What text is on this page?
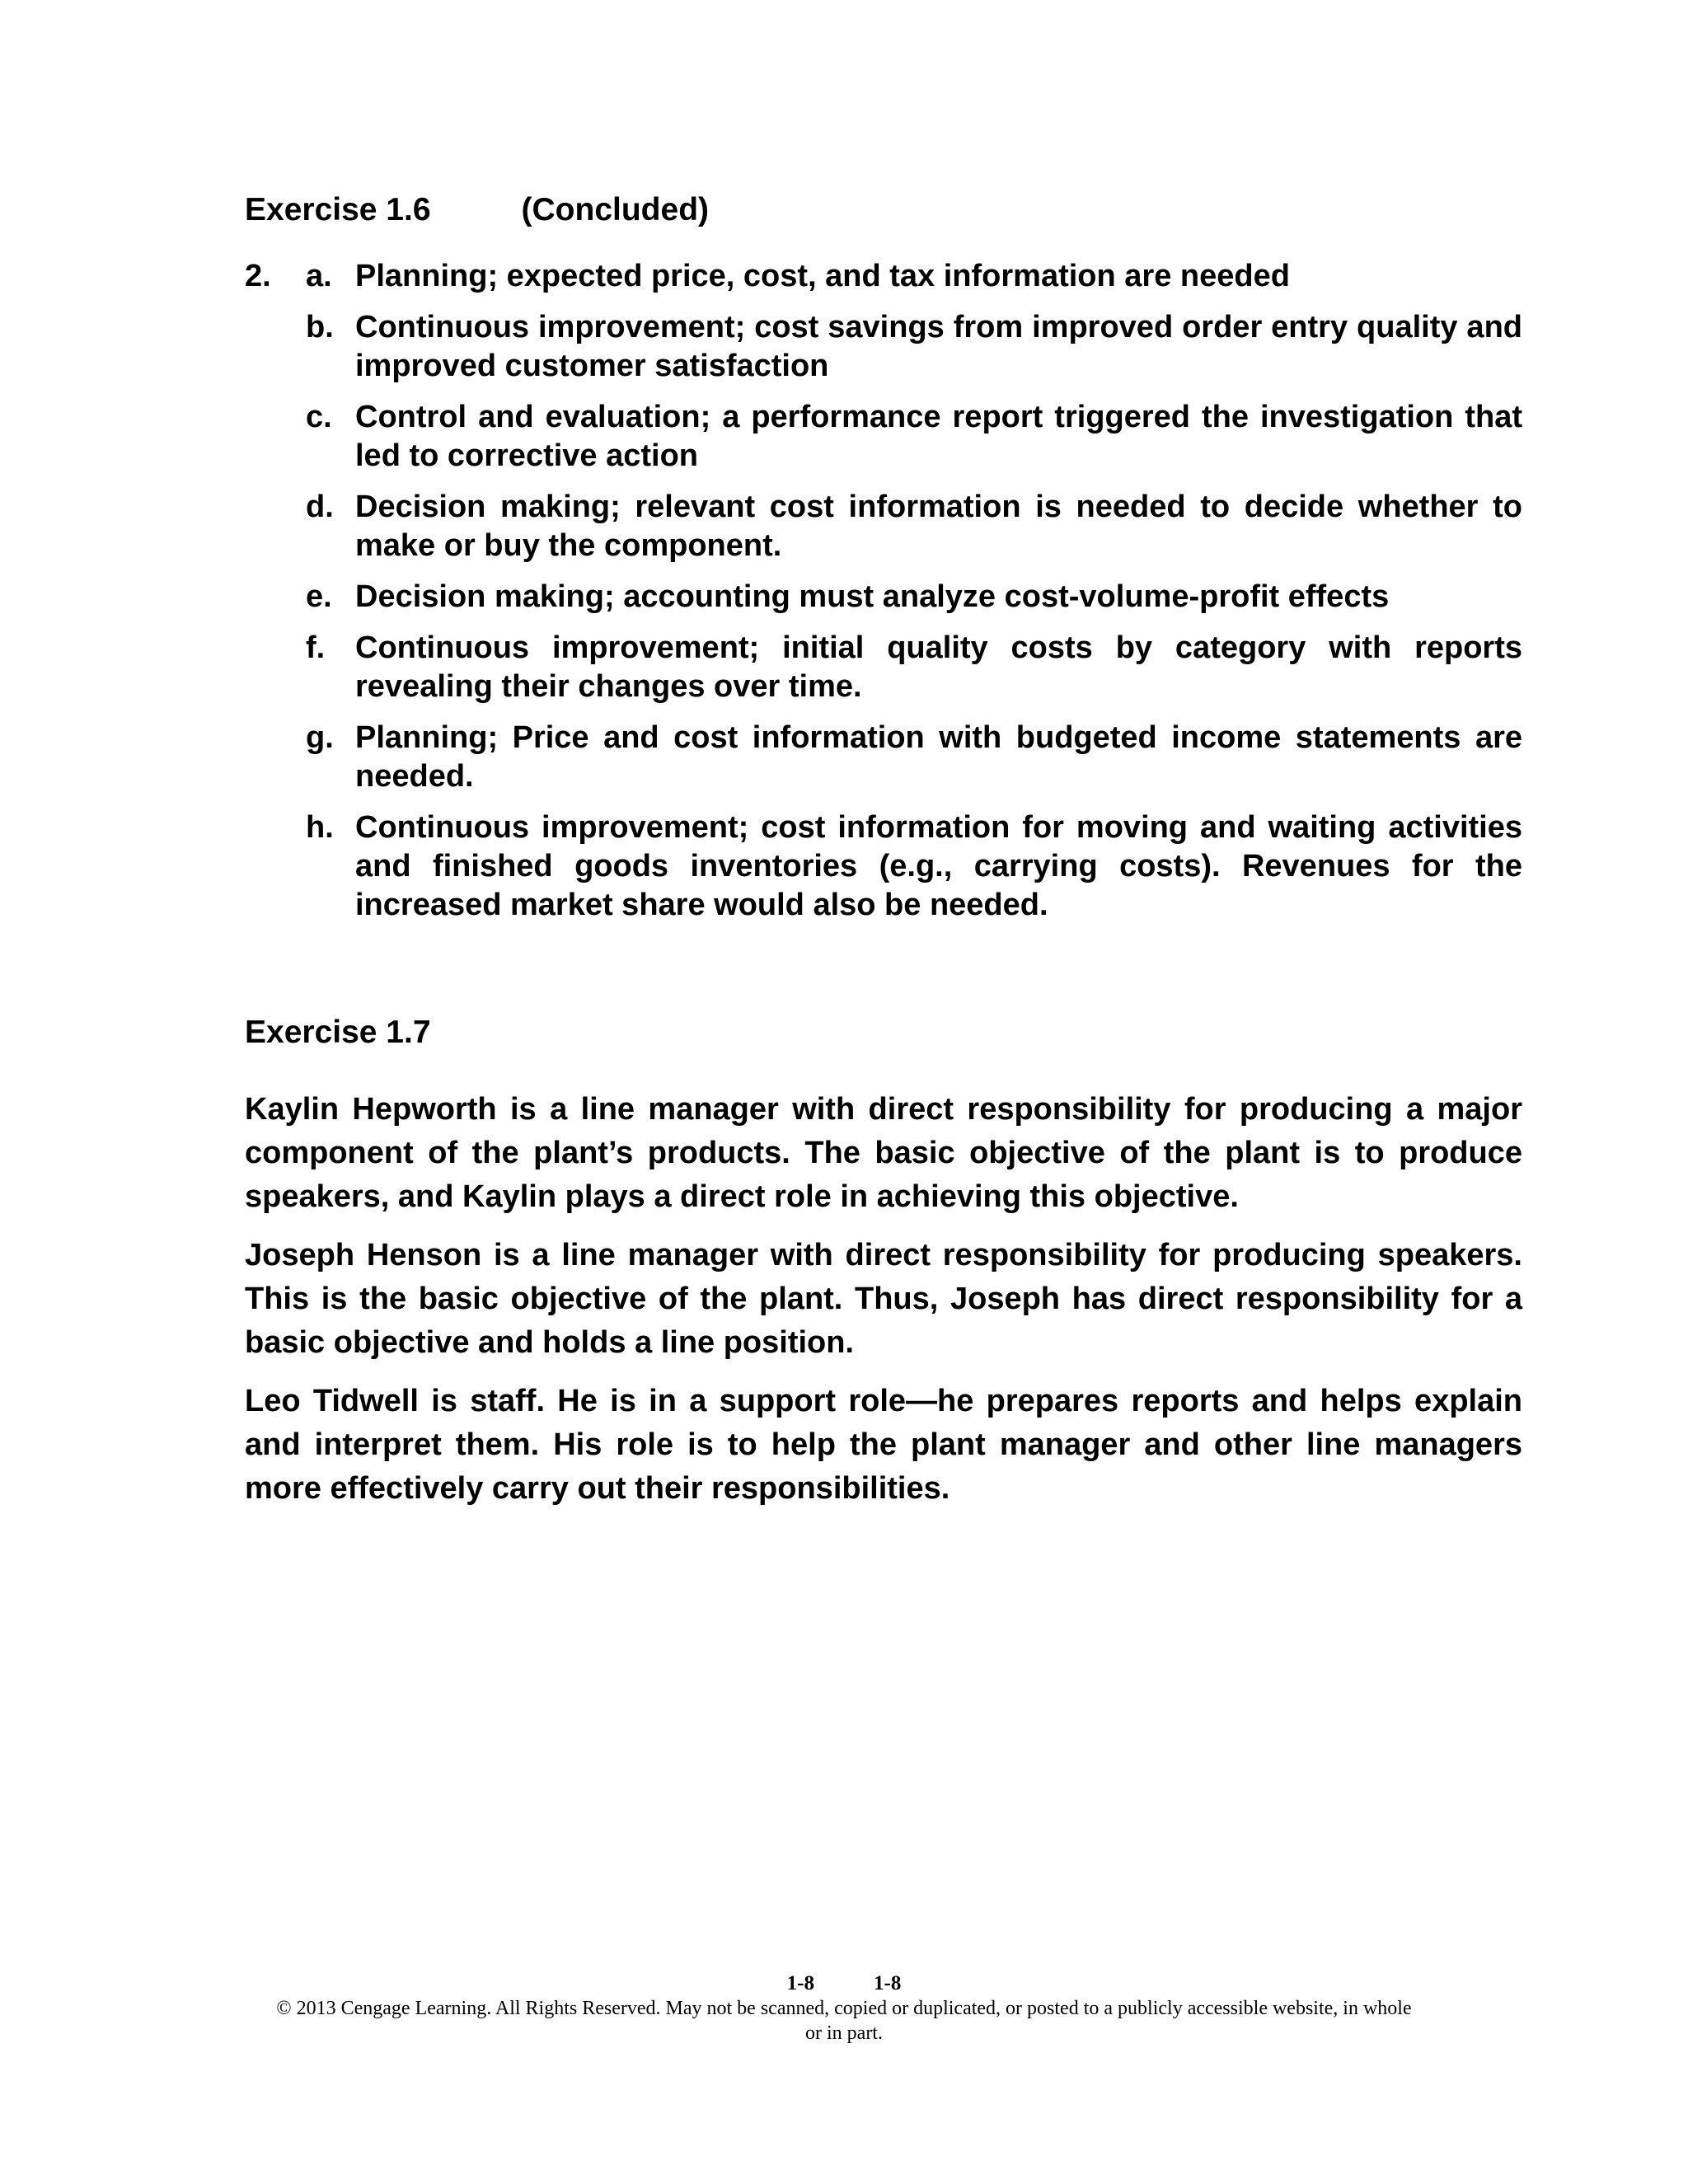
Exercise 1.6	(Concluded)
2.	a. Planning; expected price, cost, and tax information are needed
b. Continuous improvement; cost savings from improved order entry quality and improved customer satisfaction
c. Control and evaluation; a performance report triggered the investigation that led to corrective action
d. Decision making; relevant cost information is needed to decide whether to make or buy the component.
e. Decision making; accounting must analyze cost-volume-profit effects
f. Continuous improvement; initial quality costs by category with reports revealing their changes over time.
g. Planning; Price and cost information with budgeted income statements are needed.
h. Continuous improvement; cost information for moving and waiting activities and finished goods inventories (e.g., carrying costs). Revenues for the increased market share would also be needed.
Exercise 1.7

Kaylin Hepworth is a line manager with direct responsibility for producing a major component of the plant’s products. The basic objective of the plant is to produce speakers, and Kaylin plays a direct role in achieving this objective.

Joseph Henson is a line manager with direct responsibility for producing speakers. This is the basic objective of the plant. Thus, Joseph has direct responsibility for a basic objective and holds a line position.

Leo Tidwell is staff. He is in a support role—he prepares reports and helps explain and interpret them. His role is to help the plant manager and other line managers more effectively carry out their responsibilities.

1-8	1-8
© 2013 Cengage Learning. All Rights Reserved. May not be scanned, copied or duplicated, or posted to a publicly accessible website, in whole or in part.
